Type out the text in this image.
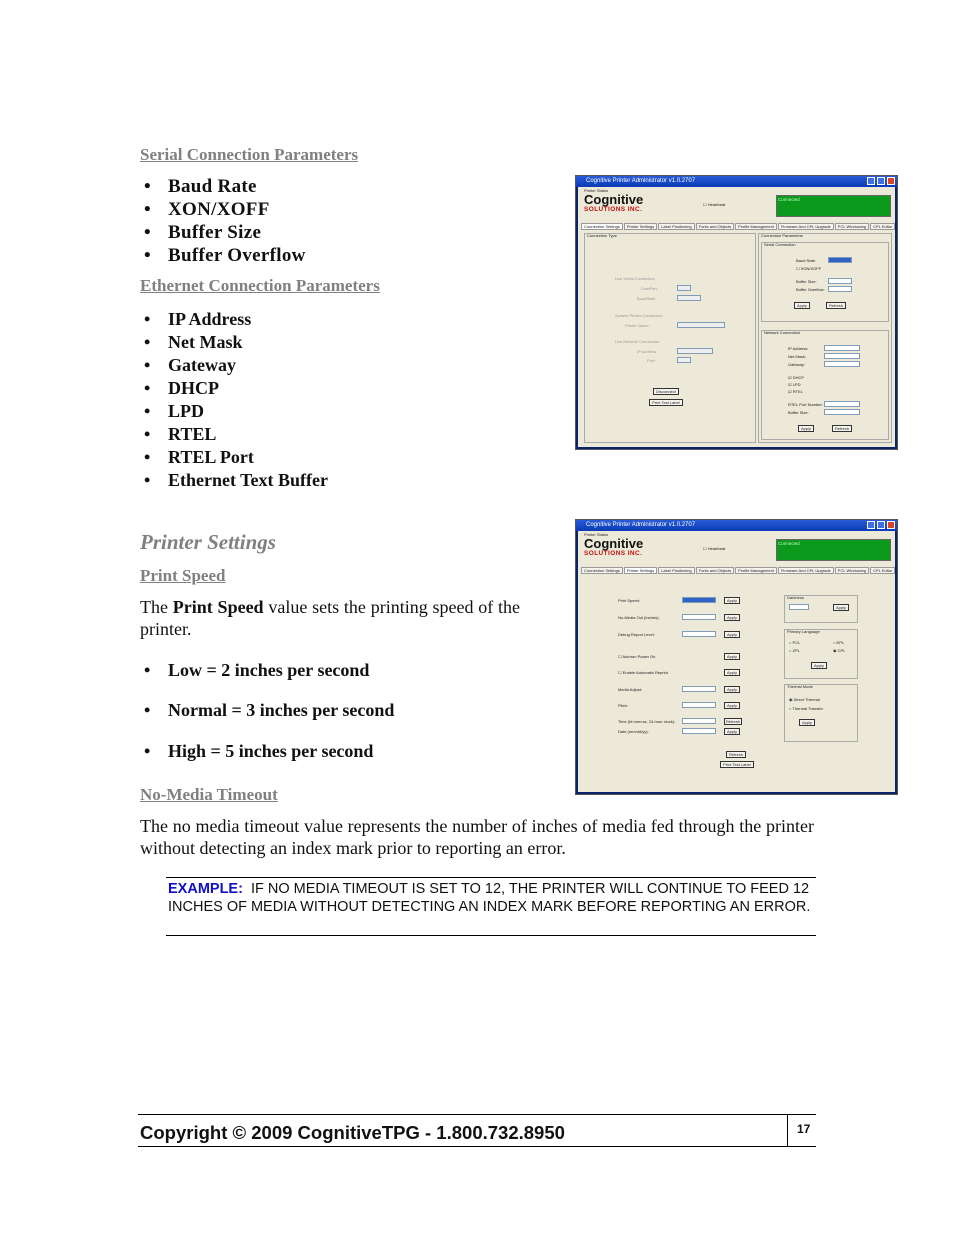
Serial Connection Parameters
• Baud Rate
• XON/XOFF
• Buffer Size
• Buffer Overflow
Ethernet Connection Parameters
• IP Address
• Net Mask
• Gateway
• DHCP
• LPD
• RTEL
• RTEL Port
• Ethernet Text Buffer
Cognitive Printer Administrator v1.0.2707
Printer Status
Cognitive
SOLUTIONS INC.
☐ Heartbeat
Connected
Connection Settings	Printer Settings	Label Positioning	Fonts and Objects	Profile Management	Firmware And CPL Upgrade	PCL Windowing	CPL Editor
Connection Type
Use Serial Connection
ComPort:
BaudRate:
System Printer Connection
Printer Name:
Use Network Connection
IP Address:
Port:
Disconnect
Print Test Label
Connection Parameters
Serial Connection
Baud Rate:
☐ XON/XOFF
Buffer Size:
Buffer Overflow:
Apply	Refresh
Network Connection
IP Address:
Net Mask:
Gateway:
☑ DHCP
☑ LPD
☑ RTEL
RTEL Port Number:
Buffer Size:
Apply	Refresh
Printer Settings
Print Speed
The Print Speed value sets the printing speed of the printer.
• Low = 2 inches per second
• Normal = 3 inches per second
• High = 5 inches per second
No-Media Timeout
The no media timeout value represents the number of inches of media fed through the printer without detecting an index mark prior to reporting an error.
EXAMPLE: IF NO MEDIA TIMEOUT IS SET TO 12, THE PRINTER WILL CONTINUE TO FEED 12 INCHES OF MEDIA WITHOUT DETECTING AN INDEX MARK BEFORE REPORTING AN ERROR.
Cognitive Printer Administrator v1.0.2707
Printer Status
Cognitive
SOLUTIONS INC.
☐ Heartbeat
Connected
Connection Settings	Printer Settings	Label Positioning	Fonts and Objects	Profile Management	Firmware And CPL Upgrade	PCL Windowing	CPL Editor
Print Speed:	Apply
No-Media Out (Inches):	Apply
Debug Report Level:	Apply
☐ Autorun Power On	Apply
☐ Enable Automatic Reprint	Apply
Media Adjust:	Apply
Pitch:	Apply
Time (hh:mm:ss, 24-hour clock):	Refresh
Date (mm/dd/yy):	Apply
Darkness
Apply
Primary Language
○ PCL	○ EPL
○ ZPL	◉ CPL
Apply
Thermal Mode
◉ Direct Thermal
○ Thermal Transfer
Apply
Refresh
Print Test Label
Copyright © 2009 CognitiveTPG - 1.800.732.8950	17
